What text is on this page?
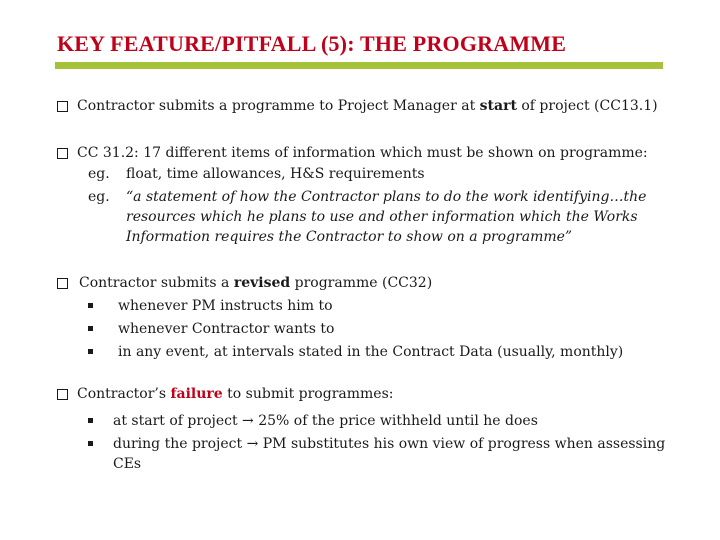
KEY FEATURE/PITFALL (5): THE PROGRAMME
Contractor submits a programme to Project Manager at start of project (CC13.1)
CC 31.2: 17 different items of information which must be shown on programme:
eg. float, time allowances, H&S requirements
eg. “a statement of how the Contractor plans to do the work identifying…the
resources which he plans to use and other information which the Works
Information requires the Contractor to show on a programme”
Contractor submits a revised programme (CC32)
whenever PM instructs him to
whenever Contractor wants to
in any event, at intervals stated in the Contract Data (usually, monthly)
Contractor’s failure to submit programmes:
at start of project → 25% of the price withheld until he does
during the project → PM substitutes his own view of progress when assessing
CEs
